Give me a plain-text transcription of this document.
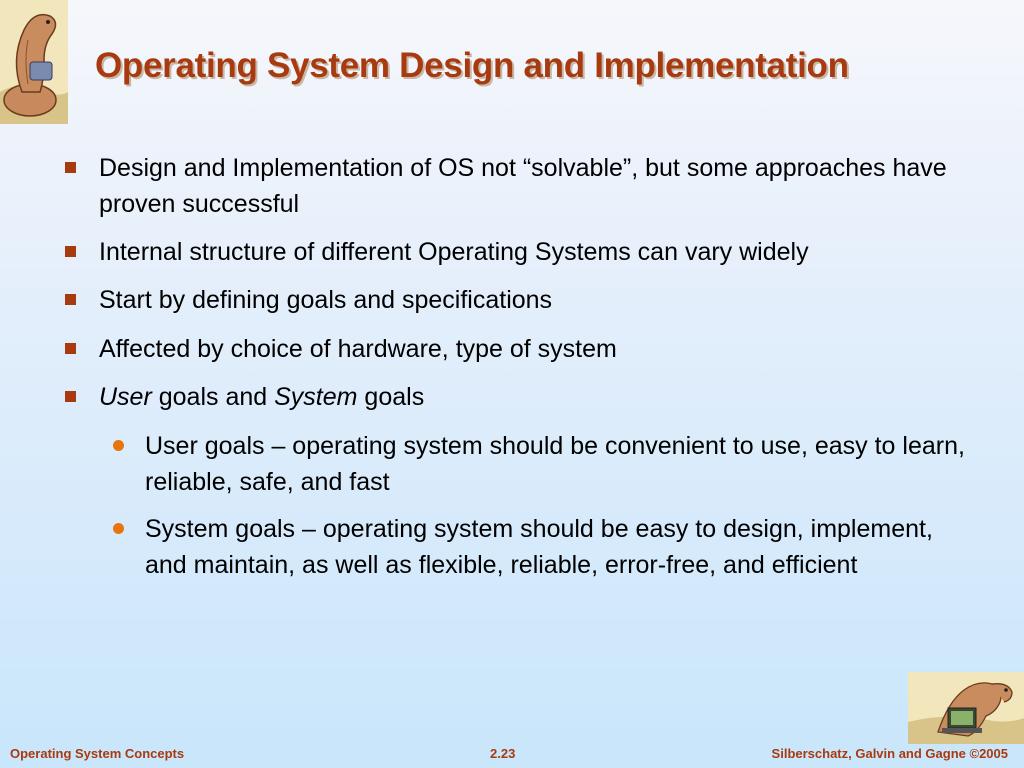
Operating System Design and Implementation
Design and Implementation of OS not “solvable”, but some approaches have proven successful
Internal structure of different Operating Systems can vary widely
Start by defining goals and specifications
Affected by choice of hardware, type of system
User goals and System goals
User goals – operating system should be convenient to use, easy to learn, reliable, safe, and fast
System goals – operating system should be easy to design, implement, and maintain, as well as flexible, reliable, error-free, and efficient
Operating System Concepts	2.23	Silberschatz, Galvin and Gagne ©2005
